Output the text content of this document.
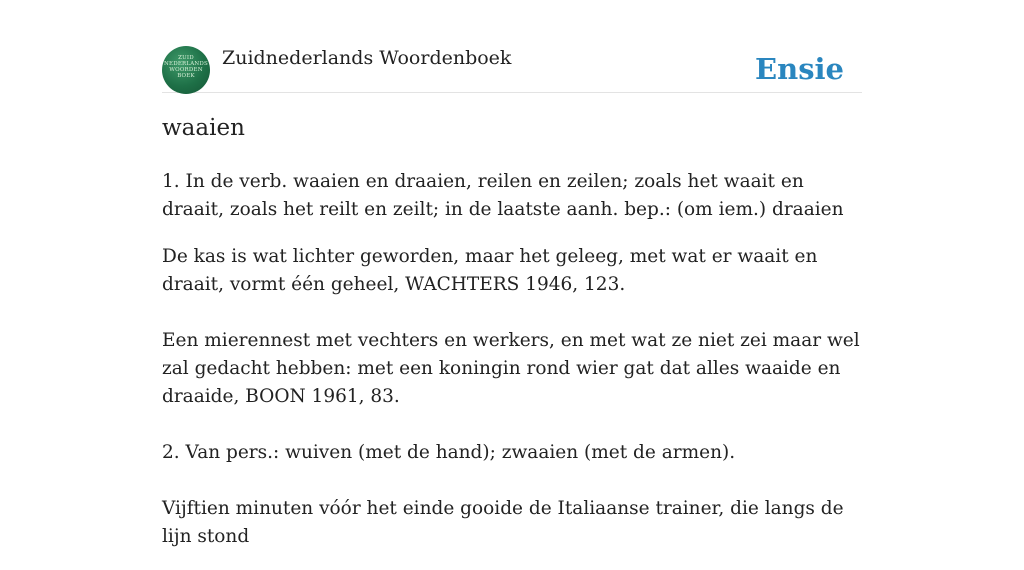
ZUID
NEDERLANDS
WOORDEN
BOEK
Zuidnederlands Woordenboek	Ensie
waaien

1. In de verb. waaien en draaien, reilen en zeilen; zoals het waait en draait, zoals het reilt en zeilt; in de laatste aanh. bep.: (om iem.) draaien

De kas is wat lichter geworden, maar het geleeg, met wat er waait en draait, vormt één geheel, WACHTERS 1946, 123.

Een mierennest met vechters en werkers, en met wat ze niet zei maar wel zal gedacht hebben: met een koningin rond wier gat dat alles waaide en draaide, BOON 1961, 83.

2. Van pers.: wuiven (met de hand); zwaaien (met de armen).

Vijftien minuten vóór het einde gooide de Italiaanse trainer, die langs de lijn stond
